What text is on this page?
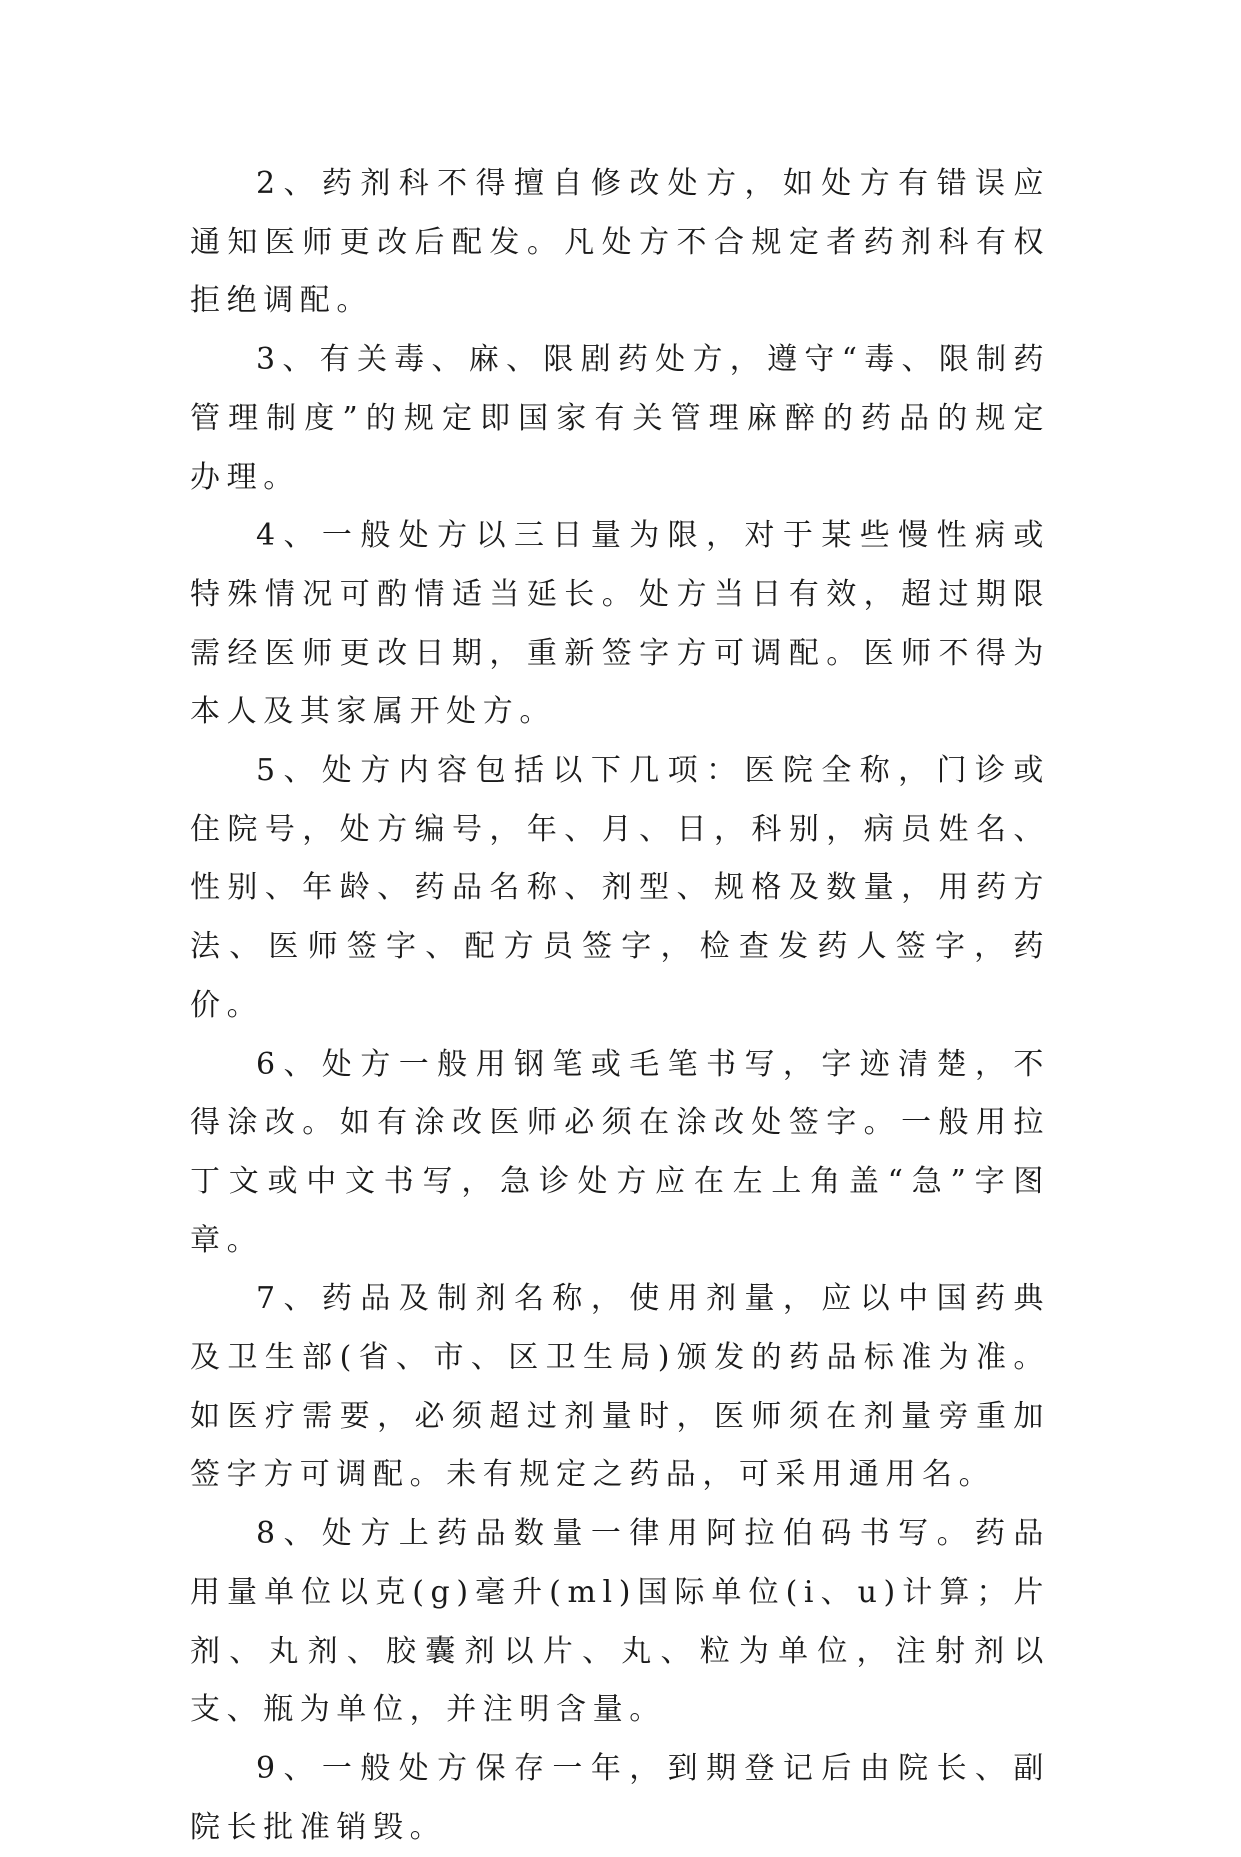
2、药剂科不得擅自修改处方，如处方有错误应通知医师更改后配发。凡处方不合规定者药剂科有权拒绝调配。

3、有关毒、麻、限剧药处方，遵守“毒、限制药管理制度”的规定即国家有关管理麻醉的药品的规定办理。

4、一般处方以三日量为限，对于某些慢性病或特殊情况可酌情适当延长。处方当日有效，超过期限需经医师更改日期，重新签字方可调配。医师不得为本人及其家属开处方。

5、处方内容包括以下几项：医院全称，门诊或住院号，处方编号，年、月、日，科别，病员姓名、性别、年龄、药品名称、剂型、规格及数量，用药方法、医师签字、配方员签字，检查发药人签字，药价。

6、处方一般用钢笔或毛笔书写，字迹清楚，不得涂改。如有涂改医师必须在涂改处签字。一般用拉丁文或中文书写，急诊处方应在左上角盖“急”字图章。

7、药品及制剂名称，使用剂量，应以中国药典及卫生部(省、市、区卫生局)颁发的药品标准为准。如医疗需要，必须超过剂量时，医师须在剂量旁重加签字方可调配。未有规定之药品，可采用通用名。

8、处方上药品数量一律用阿拉伯码书写。药品用量单位以克(g)毫升(ml)国际单位(i、u)计算；片剂、丸剂、胶囊剂以片、丸、粒为单位，注射剂以支、瓶为单位，并注明含量。

9、一般处方保存一年，到期登记后由院长、副院长批准销毁。
